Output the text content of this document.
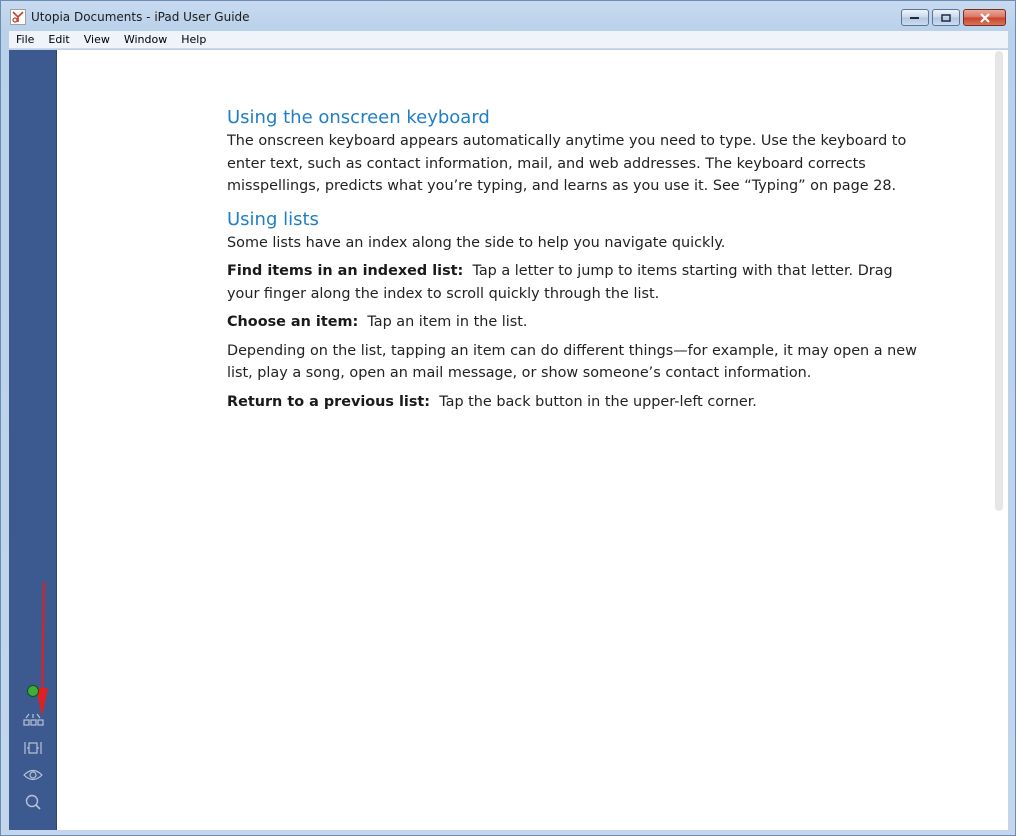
Utopia Documents - iPad User Guide
File	Edit	View	Window	Help
Using the onscreen keyboard

The onscreen keyboard appears automatically anytime you need to type. Use the keyboard to enter text, such as contact information, mail, and web addresses. The keyboard corrects misspellings, predicts what you’re typing, and learns as you use it. See “Typing” on page 28.

Using lists

Some lists have an index along the side to help you navigate quickly.

Find items in an indexed list: Tap a letter to jump to items starting with that letter. Drag your finger along the index to scroll quickly through the list.

Choose an item: Tap an item in the list.

Depending on the list, tapping an item can do different things—for example, it may open a new list, play a song, open an mail message, or show someone’s contact information.

Return to a previous list: Tap the back button in the upper-left corner.
